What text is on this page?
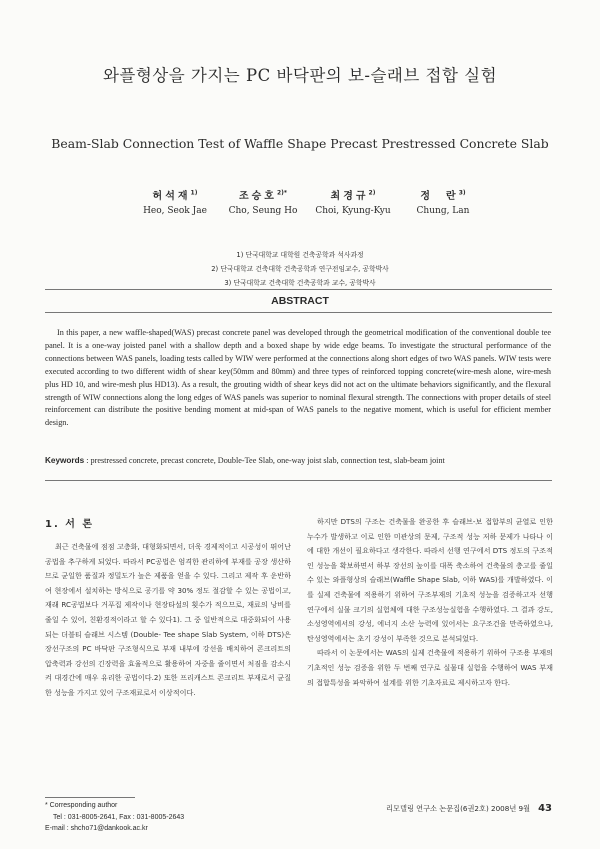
와플형상을 가지는 PC 바닥판의 보-슬래브 접합 실험
Beam-Slab Connection Test of Waffle Shape Precast Prestressed Concrete Slab
허석재$^{1)}$
Heo, Seok Jae
조승호$^{2)*}$
Cho, Seung Ho
최경규$^{2)}$
Choi, Kyung-Kyu
정  란$^{3)}$
Chung, Lan
1) 단국대학교 대학원 건축공학과 석사과정
2) 단국대학교 건축대학 건축공학과 연구전임교수, 공학박사
3) 단국대학교 건축대학 건축공학과 교수, 공학박사
ABSTRACT
In this paper, a new waffle-shaped(WAS) precast concrete panel was developed through the geometrical modification of the conventional double tee panel. It is a one-way joisted panel with a shallow depth and a boxed shape by wide edge beams. To investigate the structural performance of the connections between WAS panels, loading tests called by WIW were performed at the connections along short edges of two WAS panels. WIW tests were executed according to two different width of shear key(50mm and 80mm) and three types of reinforced topping concrete(wire-mesh alone, wire-mesh plus HD 10, and wire-mesh plus HD13). As a result, the grouting width of shear keys did not act on the ultimate behaviors significantly, and the flexural strength of WIW connections along the long edges of WAS panels was superior to nominal flexural strength. The connections with proper details of steel reinforcement can distribute the positive bending moment at mid-span of WAS panels to the negative moment, which is useful for efficient member design.
Keywords : prestressed concrete, precast concrete, Double-Tee Slab, one-way joist slab, connection test, slab-beam joint
1. 서 론

최근 건축물에 점점 고층화, 대형화되면서, 더욱 경제적이고 시공성이 뛰어난 공법을 추구하게 되었다. 따라서 PC공법은 엄격한 관리하에 부재를 공장 생산하므로 균일한 품질과 정밀도가 높은 제품을 얻을 수 있다. 그리고 제작 후 운반하여 현장에서 설치하는 방식으로 공기를 약 30% 정도 절감할 수 있는 공법이고, 재래 RC공법보다 거푸집 제작이나 현장타설의 횟수가 적으므로, 재료의 낭비를 줄일 수 있어, 친환경적이라고 할 수 있다1). 그 중 일반적으로 대중화되어 사용되는 더블티 슬래브 시스템 (Double- Tee shape Slab System, 이하 DTS)은 장선구조의 PC 바닥판 구조형식으로 부재 내부에 강선을 배치하여 콘크리트의 압축력과 강선의 긴장력을 효율적으로 활용하여 자중을 줄이면서 처짐을 감소시켜 대경간에 매우 유리한 공법이다.2) 또한 프리캐스트 콘크리트 부재로서 균질한 성능을 가지고 있어 구조재료로서 이상적이다.

하지만 DTS의 구조는 건축물을 완공한 후 슬래브-보 접합부의 균열로 인한 누수가 발생하고 이로 인한 미관상의 문제, 구조적 성능 저하 문제가 나타나 이에 대한 개선이 필요하다고 생각한다. 따라서 선행 연구에서 DTS 정도의 구조적인 성능을 확보하면서 하부 장선의 높이를 대폭 축소하여 건축물의 층고를 줄일 수 있는 와플형상의 슬래브(Waffle Shape Slab, 이하 WAS)를 개발하였다. 이를 실제 건축물에 적용하기 위하여 구조부재의 기초적 성능을 검증하고자 선행 연구에서 실물 크기의 실험체에 대한 구조성능실험을 수행하였다. 그 결과 강도, 소성영역에서의 강성, 에너지 소산 능력에 있어서는 요구조건을 만족하였으나, 탄성영역에서는 초기 강성이 부족한 것으로 분석되었다.

따라서 이 논문에서는 WAS의 실제 건축물에 적용하기 위하여 구조용 부재의 기초적인 성능 검증을 위한 두 번째 연구로 실물대 실험을 수행하여 WAS 부재의 접합특성을 파악하여 설계를 위한 기초자료로 제시하고자 한다.

* Corresponding author
Tel : 031-8005-2641, Fax : 031-8005-2643
E-mail : shcho71@dankook.ac.kr
리모델링 연구소 논문집(6권2호) 2008년 9월 43
